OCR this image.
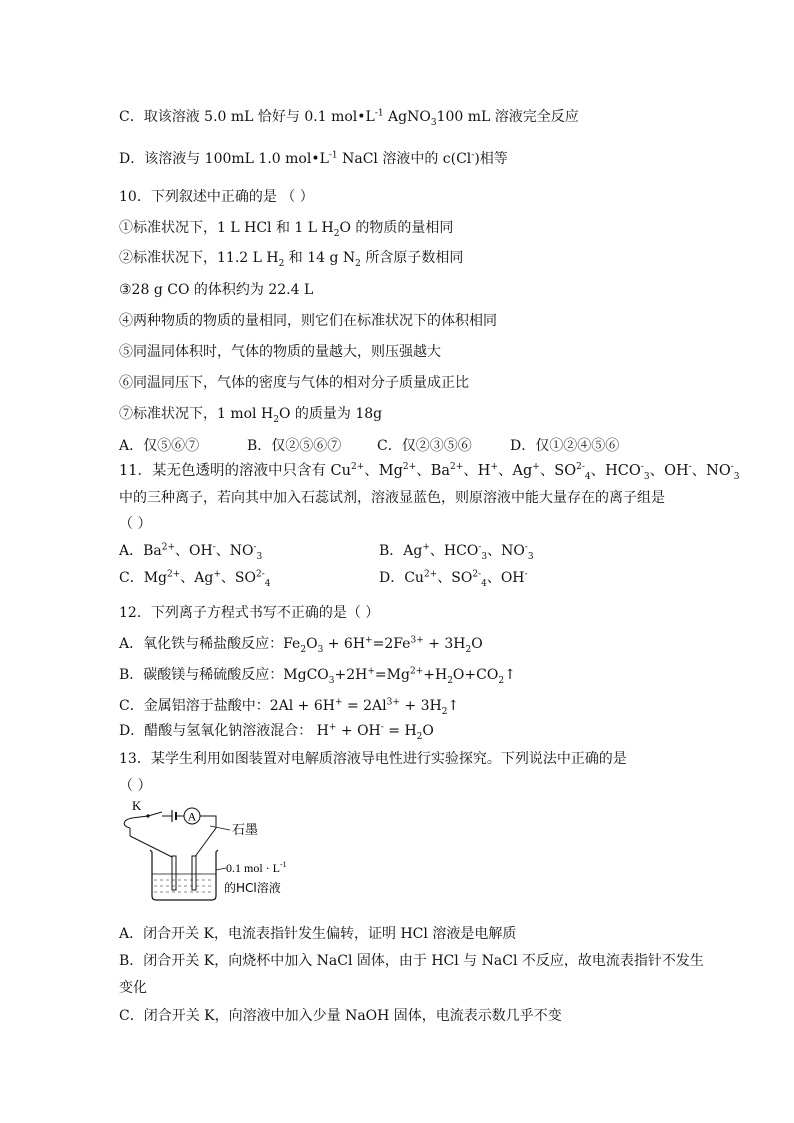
C．取该溶液 5.0 mL 恰好与 0.1 $mol•L^{-1}$ AgNO$_3$100 mL 溶液完全反应
D．该溶液与 100mL 1.0 $mol•L^{-1}$ NaCl 溶液中的 c(Cl-)相等
10．下列叙述中正确的是 （ ）
①标准状况下，1 L HCl 和 1 L $H_2O$ 的物质的量相同
②标准状况下，11.2 L $H_2$ 和 14 g $N_2$ 所含原子数相同
③28 g CO 的体积约为 22.4 L
④两种物质的物质的量相同，则它们在标准状况下的体积相同
⑤同温同体积时，气体的物质的量越大，则压强越大
⑥同温同压下，气体的密度与气体的相对分子质量成正比
⑦标准状况下，1 mol $H_2O$ 的质量为 18g
A．仅⑤⑥⑦	B．仅②⑤⑥⑦	C．仅②③⑤⑥	D．仅①②④⑤⑥
11．某无色透明的溶液中只含有 $Cu^{2+}$、$Mg^{2+}$、$Ba^{2+}$、H+、Ag+、$SO^{2-}_4$、$HCO^-_3$、OH-、$NO^-_3$
中的三种离子，若向其中加入石蕊试剂，溶液显蓝色，则原溶液中能大量存在的离子组是
（ ）
A．$Ba^{2+}$、OH-、$NO^-_3$	B．Ag+、$HCO^-_3$、$NO^-_3$
C．$Mg^{2+}$、Ag+、$SO^{2-}_4$	D．$Cu^{2+}$、$SO^{2-}_4$、OH-
12．下列离子方程式书写不正确的是（ ）
A．氧化铁与稀盐酸反应：$Fe_2O_3 + 6H^+=2Fe^{3+} + 3H_2O$
B．碳酸镁与稀硫酸反应：$MgCO_3+2H^+=Mg^{2+}+H_2O+CO_2↑$
C．金属铝溶于盐酸中：$2Al + 6H^+ = 2Al^{3+}$ + $3H_2↑$
D．醋酸与氢氧化钠溶液混合： $H^+ + OH^- = H_2O$
13．某学生利用如图装置对电解质溶液导电性进行实验探究。下列说法中正确的是
（ ）
A
K
石墨
0.1 mol · $L^{-1}$
的HCl溶液
A．闭合开关 K，电流表指针发生偏转，证明 HCl 溶液是电解质
B．闭合开关 K，向烧杯中加入 NaCl 固体，由于 HCl 与 NaCl 不反应，故电流表指针不发生
变化
C．闭合开关 K，向溶液中加入少量 NaOH 固体，电流表示数几乎不变
